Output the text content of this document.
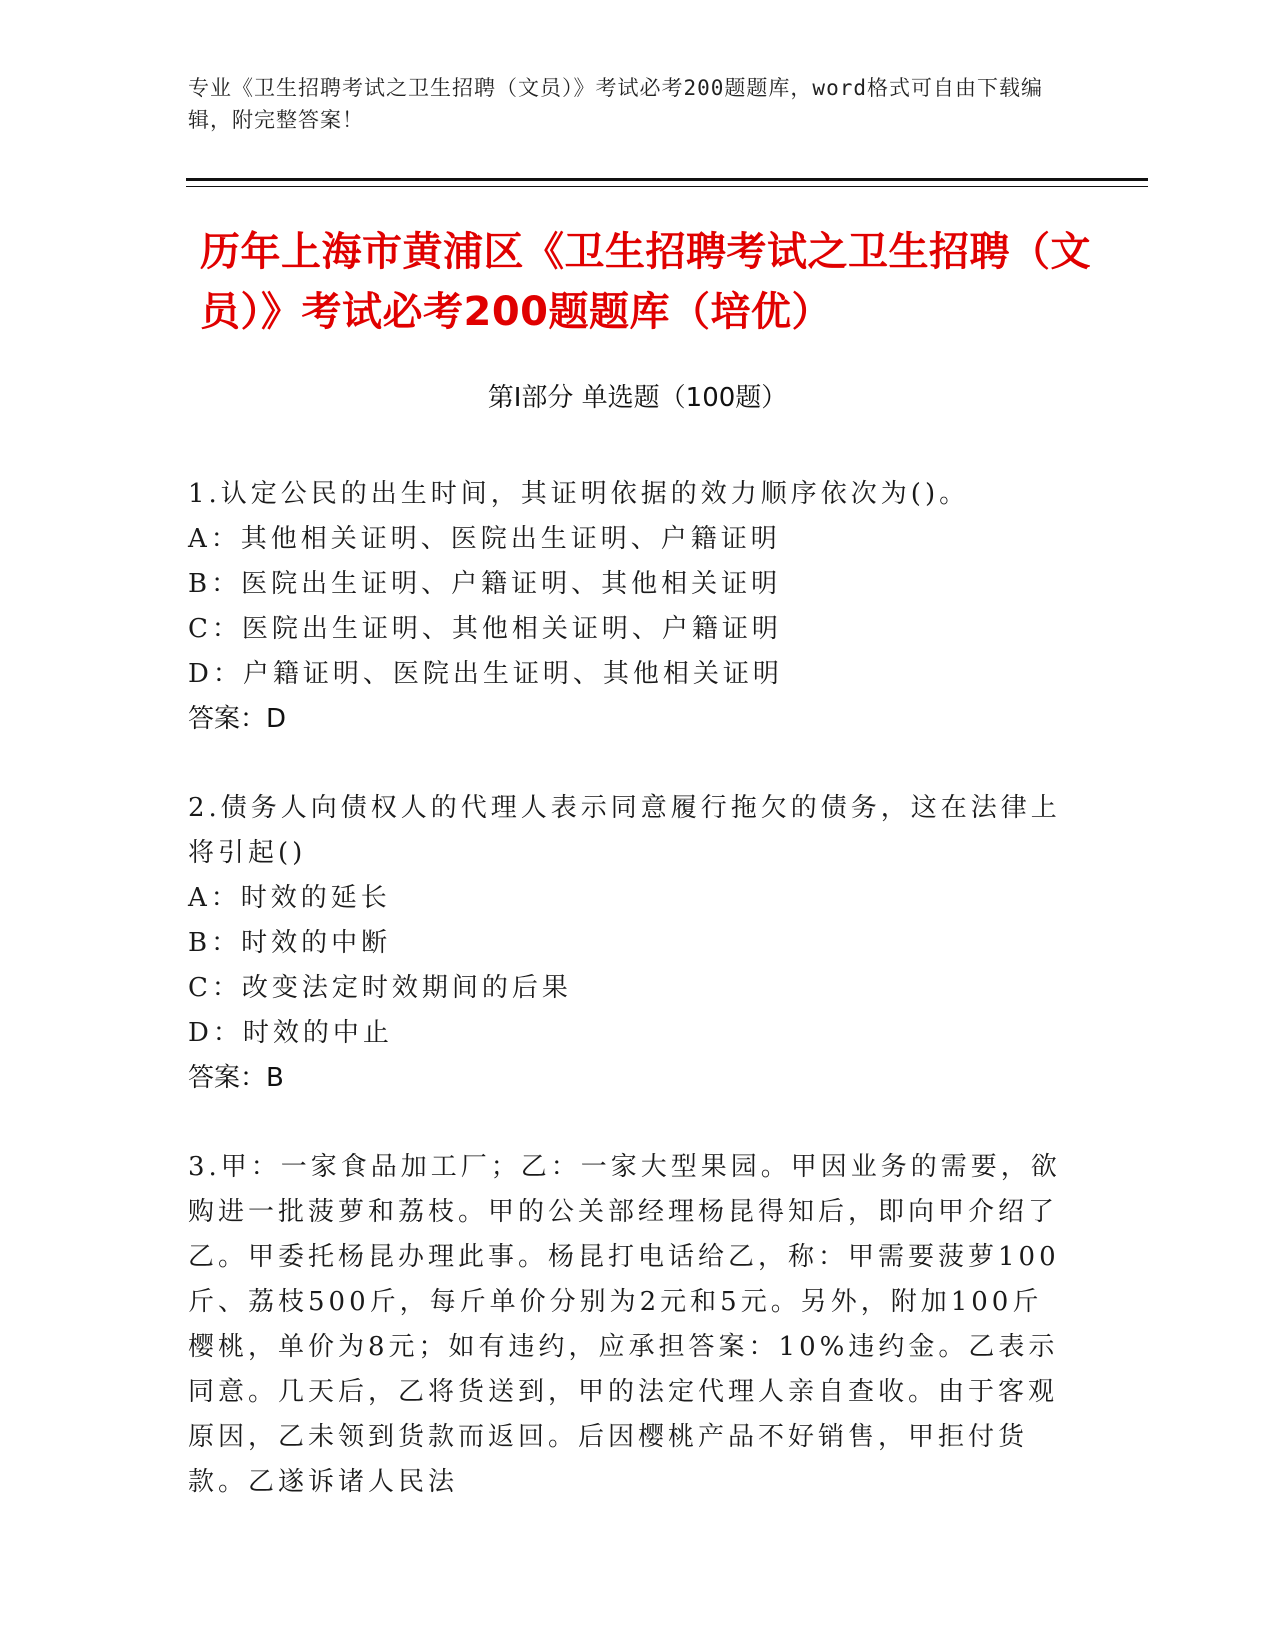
专业《卫生招聘考试之卫生招聘（文员）》考试必考200题题库，word格式可自由下载编辑，附完整答案！
历年上海市黄浦区《卫生招聘考试之卫生招聘（文员）》考试必考200题题库（培优）
第Ⅰ部分 单选题（100题）
1.认定公民的出生时间，其证明依据的效力顺序依次为()。
A：其他相关证明、医院出生证明、户籍证明
B：医院出生证明、户籍证明、其他相关证明
C：医院出生证明、其他相关证明、户籍证明
D：户籍证明、医院出生证明、其他相关证明
答案：D
2.债务人向债权人的代理人表示同意履行拖欠的债务，这在法律上将引起()
A：时效的延长
B：时效的中断
C：改变法定时效期间的后果
D：时效的中止
答案：B
3.甲：一家食品加工厂；乙：一家大型果园。甲因业务的需要，欲购进一批菠萝和荔枝。甲的公关部经理杨昆得知后，即向甲介绍了乙。甲委托杨昆办理此事。杨昆打电话给乙，称：甲需要菠萝100斤、荔枝500斤，每斤单价分别为2元和5元。另外，附加100斤樱桃，单价为8元；如有违约，应承担答案：10%违约金。乙表示同意。几天后，乙将货送到，甲的法定代理人亲自查收。由于客观原因，乙未领到货款而返回。后因樱桃产品不好销售，甲拒付货款。乙遂诉诸人民法
